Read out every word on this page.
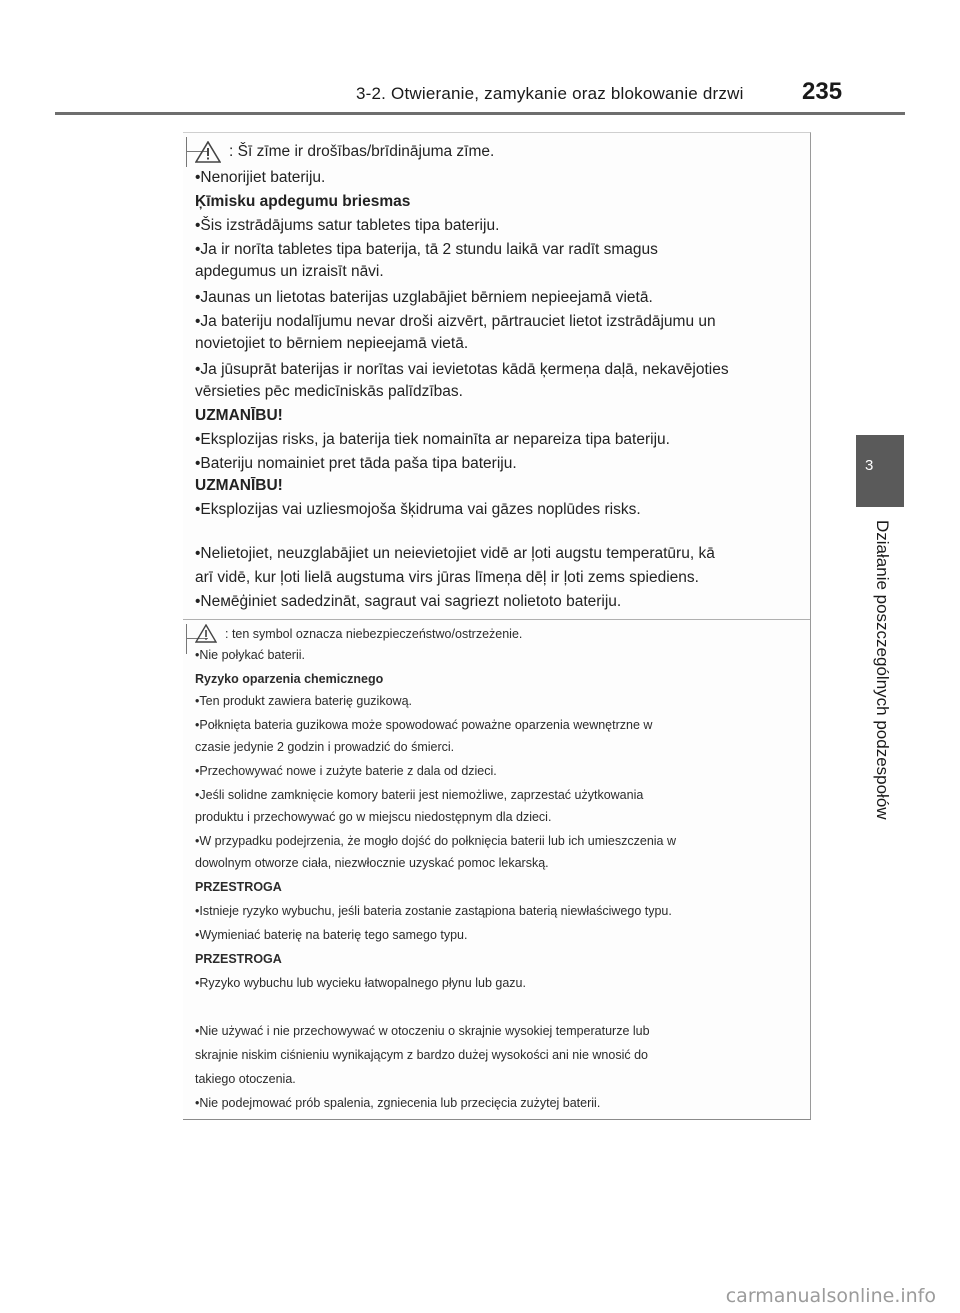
3-2. Otwieranie, zamykanie oraz blokowanie drzwi 235
3
Działanie poszczególnych podzespołów
: Šī zīme ir drošības/brīdinājuma zīme.
•Nenorijiet bateriju.
Ķīmisku apdegumu briesmas
•Šis izstrādājums satur tabletes tipa bateriju.
•Ja ir norīta tabletes tipa baterija, tā 2 stundu laikā var radīt smagus
apdegumus un izraisīt nāvi.
•Jaunas un lietotas baterijas uzglabājiet bērniem nepieejamā vietā.
•Ja bateriju nodalījumu nevar droši aizvērt, pārtrauciet lietot izstrādājumu un
novietojiet to bērniem nepieejamā vietā.
•Ja jūsuprāt baterijas ir norītas vai ievietotas kādā ķermeņa daļā, nekavējoties
vērsieties pēc medicīniskās palīdzības.
UZMANĪBU!
•Eksplozijas risks, ja baterija tiek nomainīta ar nepareiza tipa bateriju.
•Bateriju nomainiet pret tāda paša tipa bateriju.
UZMANĪBU!
•Eksplozijas vai uzliesmojoša šķidruma vai gāzes noplūdes risks.
•Nelietojiet, neuzglabājiet un neievietojiet vidē ar ļoti augstu temperatūru, kā
arī vidē, kur ļoti lielā augstuma virs jūras līmeņa dēļ ir ļoti zems spiediens.
•Neмēģiniet sadedzināt, sagraut vai sagriezt nolietoto bateriju.
: ten symbol oznacza niebezpieczeństwo/ostrzeżenie.
•Nie połykać baterii.
Ryzyko oparzenia chemicznego
•Ten produkt zawiera baterię guzikową.
•Połknięta bateria guzikowa może spowodować poważne oparzenia wewnętrzne w
czasie jedynie 2 godzin i prowadzić do śmierci.
•Przechowywać nowe i zużyte baterie z dala od dzieci.
•Jeśli solidne zamknięcie komory baterii jest niemożliwe, zaprzestać użytkowania
produktu i przechowywać go w miejscu niedostępnym dla dzieci.
•W przypadku podejrzenia, że mogło dojść do połknięcia baterii lub ich umieszczenia w
dowolnym otworze ciała, niezwłocznie uzyskać pomoc lekarską.
PRZESTROGA
•Istnieje ryzyko wybuchu, jeśli bateria zostanie zastąpiona baterią niewłaściwego typu.
•Wymieniać baterię na baterię tego samego typu.
PRZESTROGA
•Ryzyko wybuchu lub wycieku łatwopalnego płynu lub gazu.
•Nie używać i nie przechowywać w otoczeniu o skrajnie wysokiej temperaturze lub
skrajnie niskim ciśnieniu wynikającym z bardzo dużej wysokości ani nie wnosić do
takiego otoczenia.
•Nie podejmować prób spalenia, zgniecenia lub przecięcia zużytej baterii.
carmanualsonline.info
